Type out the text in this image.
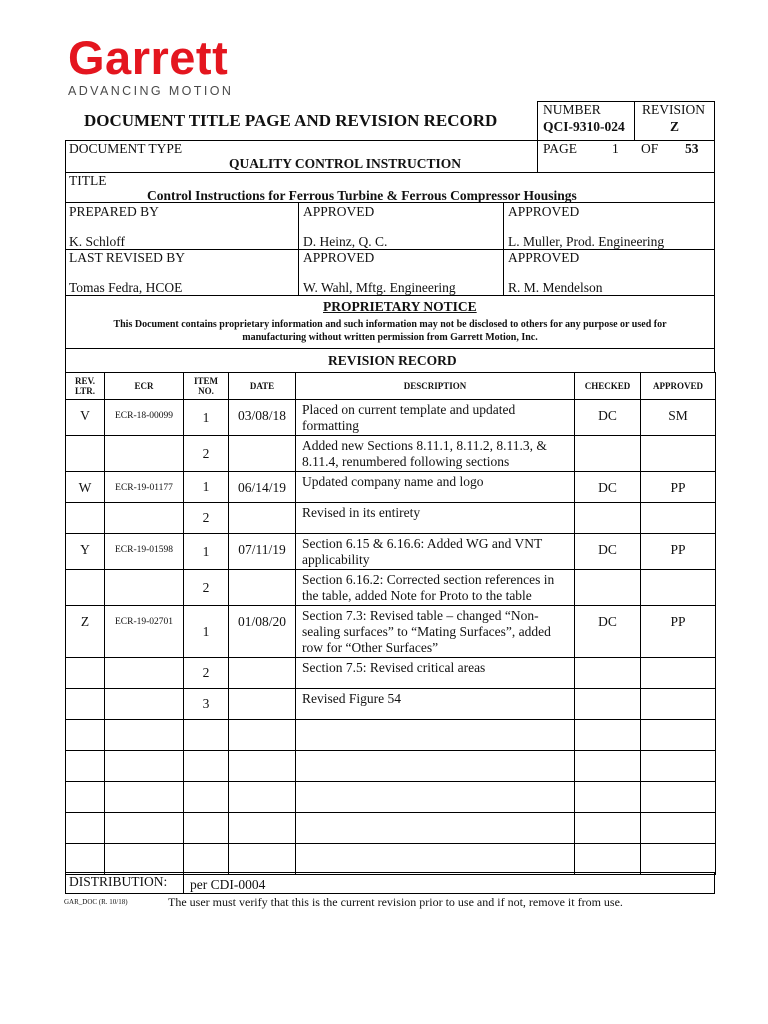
Garrett
ADVANCING MOTION
DOCUMENT TITLE PAGE AND REVISION RECORD
NUMBER
QCI-9310-024
REVISION
Z
DOCUMENT TYPE
QUALITY CONTROL INSTRUCTION
PAGE	1 OF 53
TITLE
Control Instructions for Ferrous Turbine & Ferrous Compressor Housings
PREPARED BY
K. Schloff
APPROVED
D. Heinz, Q. C.
APPROVED
L. Muller, Prod. Engineering
LAST REVISED BY
Tomas Fedra, HCOE
APPROVED
W. Wahl, Mftg. Engineering
APPROVED
R. M. Mendelson
PROPRIETARY NOTICE
This Document contains proprietary information and such information may not be disclosed to others for any purpose or used for
manufacturing without written permission from Garrett Motion, Inc.
REVISION RECORD
REV.
LTR.	ECR	ITEM
NO.	DATE	DESCRIPTION	CHECKED	APPROVED
V	ECR-18-00099	1	03/08/18	Placed on current template and updated
formatting	DC	SM
		2		Added new Sections 8.11.1, 8.11.2, 8.11.3, &
8.11.4, renumbered following sections		

W	ECR-19-01177	1	06/14/19	Updated company name and logo	DC	PP
		2		Revised in its entirety		

Y	ECR-19-01598	1	07/11/19	Section 6.15 & 6.16.6: Added WG and VNT
applicability	DC	PP
		2		Section 6.16.2: Corrected section references in
the table, added Note for Proto to the table		

Z	ECR-19-02701	1	01/08/20	Section 7.3: Revised table – changed “Non-
sealing surfaces” to “Mating Surfaces”, added
row for “Other Surfaces”	DC	PP
		2		Section 7.5: Revised critical areas		

		3		Revised Figure 54		

DISTRIBUTION: per CDI-0004
GAR_DOC (R. 10/18)	The user must verify that this is the current revision prior to use and if not, remove it from use.
